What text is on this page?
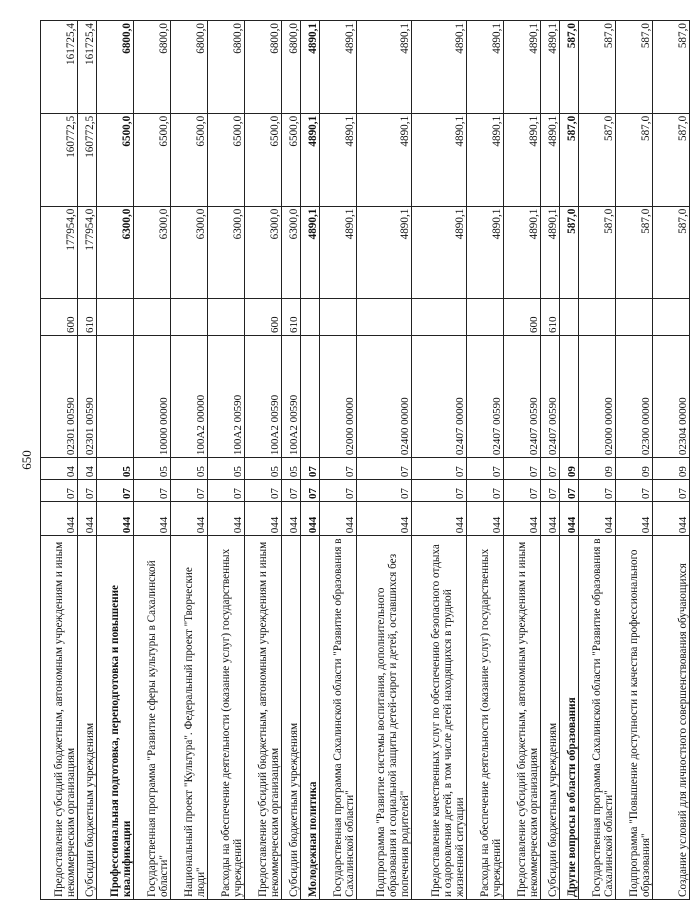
650
Предоставление субсидий бюджетным, автономным учреждениям и иным некоммерческим организациям	044	07	04	02301 00590	600	177954,0	160772,5	161725,4
Субсидии бюджетным учреждениям	044	07	04	02301 00590	610	177954,0	160772,5	161725,4
Профессиональная подготовка, переподготовка и повышение квалификации	044	07	05			6300,0	6500,0	6800,0
Государственная программа "Развитие сферы культуры в Сахалинской области"	044	07	05	10000 00000		6300,0	6500,0	6800,0
Национальный проект "Культура". Федеральный проект "Творческие люди"	044	07	05	100А2 00000		6300,0	6500,0	6800,0
Расходы на обеспечение деятельности (оказание услуг) государственных учреждений	044	07	05	100А2 00590		6300,0	6500,0	6800,0
Предоставление субсидий бюджетным, автономным учреждениям и иным некоммерческим организациям	044	07	05	100А2 00590	600	6300,0	6500,0	6800,0
Субсидии бюджетным учреждениям	044	07	05	100А2 00590	610	6300,0	6500,0	6800,0
Молодежная политика	044	07	07			4890,1	4890,1	4890,1
Государственная программа Сахалинской области "Развитие образования в Сахалинской области"	044	07	07	02000 00000		4890,1	4890,1	4890,1
Подпрограмма "Развитие системы воспитания, дополнительного образования и социальной защиты детей-сирот и детей, оставшихся без попечения родителей"	044	07	07	02400 00000		4890,1	4890,1	4890,1
Предоставление качественных услуг по обеспечению безопасного отдыха и оздоровления детей, в том числе детей находящихся в трудной жизненной ситуации	044	07	07	02407 00000		4890,1	4890,1	4890,1
Расходы на обеспечение деятельности (оказание услуг) государственных учреждений	044	07	07	02407 00590		4890,1	4890,1	4890,1
Предоставление субсидий бюджетным, автономным учреждениям и иным некоммерческим организациям	044	07	07	02407 00590	600	4890,1	4890,1	4890,1
Субсидии бюджетным учреждениям	044	07	07	02407 00590	610	4890,1	4890,1	4890,1
Другие вопросы в области образования	044	07	09			587,0	587,0	587,0
Государственная программа Сахалинской области "Развитие образования в Сахалинской области"	044	07	09	02000 00000		587,0	587,0	587,0
Подпрограмма "Повышение доступности и качества профессионального образования"	044	07	09	02300 00000		587,0	587,0	587,0
Создание условий для личностного совершенствования обучающихся	044	07	09	02304 00000		587,0	587,0	587,0
